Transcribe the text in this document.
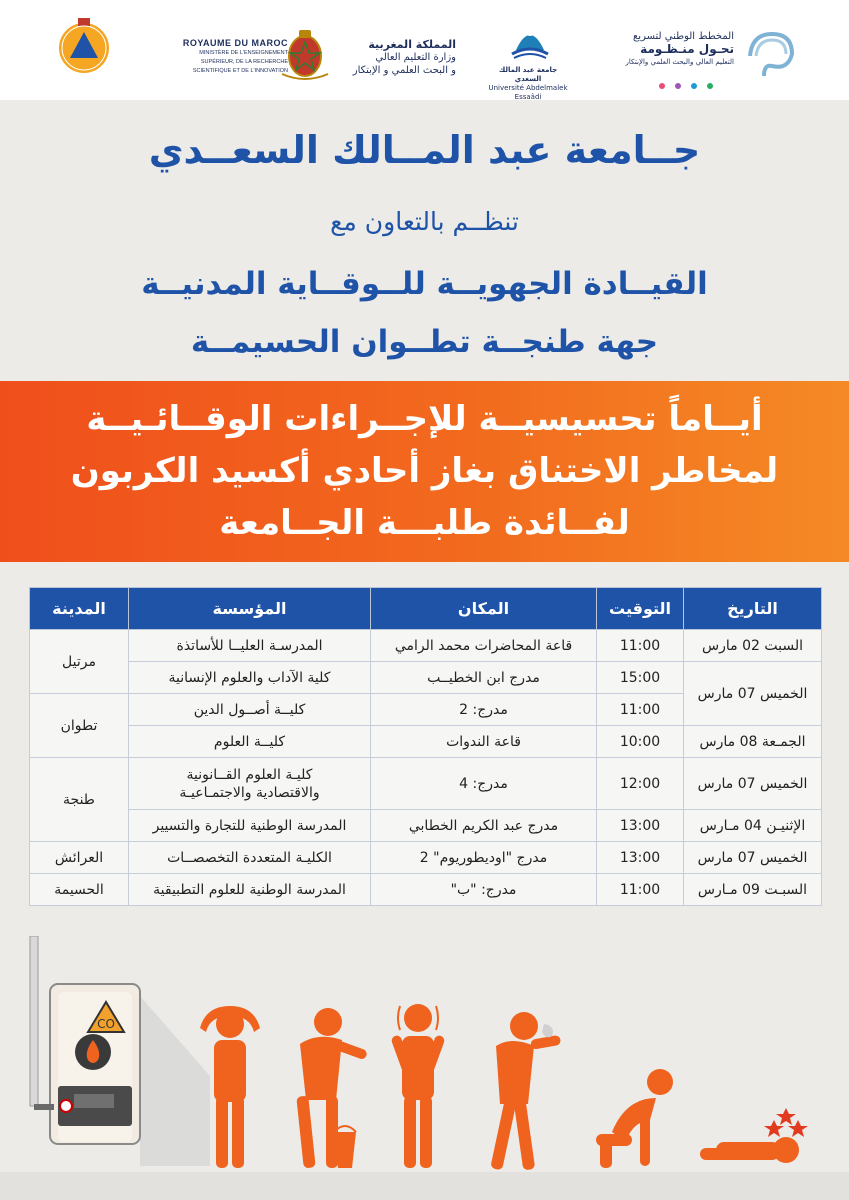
ROYAUME DU MAROC
MINISTÈRE DE L'ENSEIGNEMENT
SUPÉRIEUR, DE LA RECHERCHE
SCIENTIFIQUE ET DE L'INNOVATION
المملكة المغربية
وزارة التعليم العالي
و البحث العلمي و الإبتكار	جامعة عبد المالك السعدي
Université Abdelmalek Essaâdi
المخطط الوطني لتسريع
تحـول منـظـومة
التعليم العالي والبحث العلمي والإبتكار
جــامعة عبد المــالك السعــدي
تنظــم بالتعاون مع
القيــادة الجهويــة للــوقــاية المدنيــة
جهة طنجــة تطــوان الحسيمــة
أيــاماً تحسيسيــة للإجــراءات الوقــائـيــة
لمخاطر الاختناق بغاز أحادي أكسيد الكربون
لفــائدة طلبـــة الجــامعة
التاريخ	التوقيت	المكان	المؤسسة	المدينة
السبت 02 مارس	11:00	قاعة المحاضرات محمد الرامي	المدرسـة العليــا للأساتذة	مرتيل
الخميس 07 مارس	15:00	مدرج ابن الخطيــب	كلية الآداب والعلوم الإنسانية	
	11:00	مدرج: 2	كليــة أصــول الدين	تطوان
الجمـعة 08 مارس	10:00	قاعة الندوات	كليــة العلوم	
الخميس 07 مارس	12:00	مدرج: 4	كليـة العلوم القــانونية
والاقتصادية والاجتمـاعيـة	طنجة
الإثنيـن 04 مـارس	13:00	مدرج عبد الكريم الخطابي	المدرسة الوطنية للتجارة والتسيير	
الخميس 07 مارس	13:00	مدرج "اوديطوريوم" 2	الكليـة المتعددة التخصصــات	العرائش
السبـت 09 مـارس	11:00	مدرج: "ب"	المدرسة الوطنية للعلوم التطبيقية	الحسيمة
CO
